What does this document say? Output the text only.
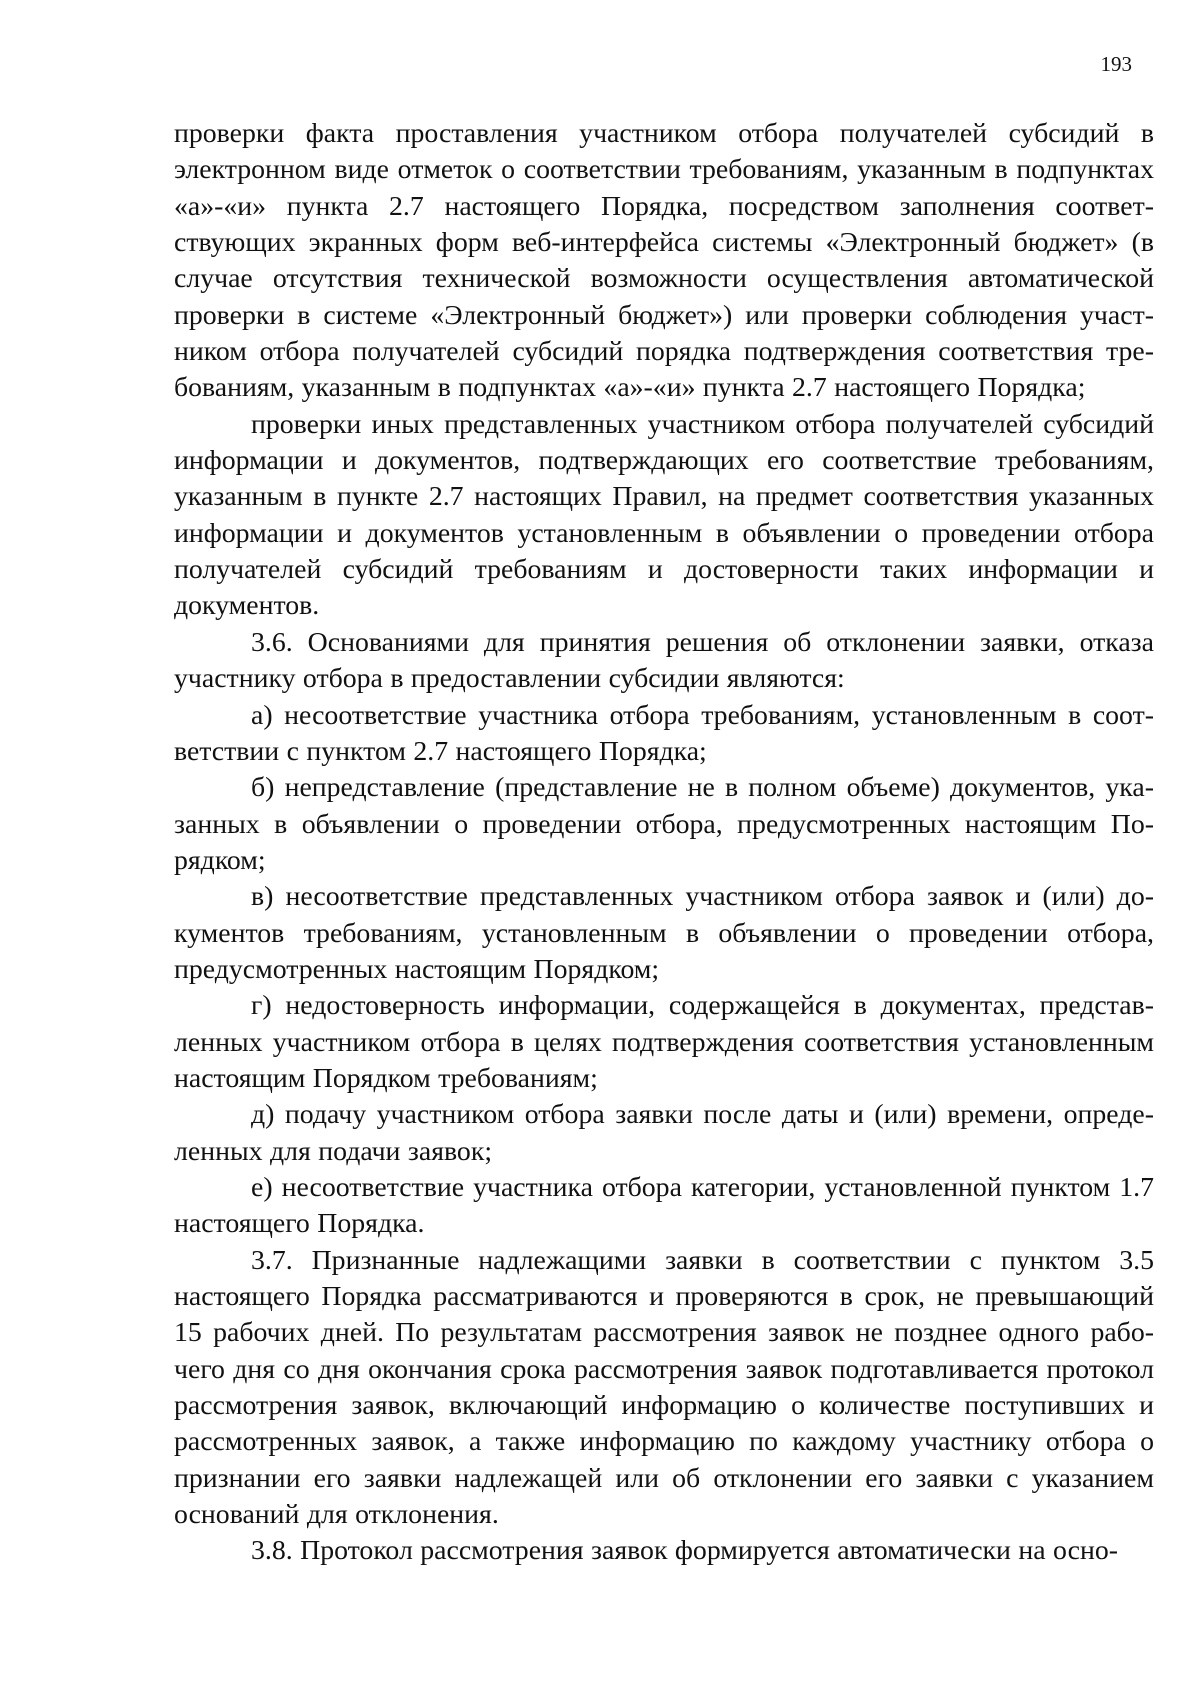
193

проверки факта проставления участником отбора получателей субсидий в электронном виде отметок о соответствии требованиям, указанным в подпунктах «а»-«и» пункта 2.7 настоящего Порядка, посредством заполнения соответствующих экранных форм веб-интерфейса системы «Электронный бюджет» (в случае отсутствия технической возможности осуществления автоматической проверки в системе «Электронный бюджет») или проверки соблюдения участником отбора получателей субсидий порядка подтверждения соответствия требованиям, указанным в подпунктах «а»-«и» пункта 2.7 настоящего Порядка;

проверки иных представленных участником отбора получателей субсидий информации и документов, подтверждающих его соответствие требованиям, указанным в пункте 2.7 настоящих Правил, на предмет соответствия указанных информации и документов установленным в объявлении о проведении отбора получателей субсидий требованиям и достоверности таких информации и документов.

3.6. Основаниями для принятия решения об отклонении заявки, отказа участнику отбора в предоставлении субсидии являются:

а) несоответствие участника отбора требованиям, установленным в соответствии с пунктом 2.7 настоящего Порядка;

б) непредставление (представление не в полном объеме) документов, указанных в объявлении о проведении отбора, предусмотренных настоящим Порядком;

в) несоответствие представленных участником отбора заявок и (или) документов требованиям, установленным в объявлении о проведении отбора, предусмотренных настоящим Порядком;

г) недостоверность информации, содержащейся в документах, представленных участником отбора в целях подтверждения соответствия установленным настоящим Порядком требованиям;

д) подачу участником отбора заявки после даты и (или) времени, определенных для подачи заявок;

е) несоответствие участника отбора категории, установленной пунктом 1.7 настоящего Порядка.

3.7. Признанные надлежащими заявки в соответствии с пунктом 3.5 настоящего Порядка рассматриваются и проверяются в срок, не превышающий 15 рабочих дней. По результатам рассмотрения заявок не позднее одного рабочего дня со дня окончания срока рассмотрения заявок подготавливается протокол рассмотрения заявок, включающий информацию о количестве поступивших и рассмотренных заявок, а также информацию по каждому участнику отбора о признании его заявки надлежащей или об отклонении его заявки с указанием оснований для отклонения.

3.8. Протокол рассмотрения заявок формируется автоматически на осно-
